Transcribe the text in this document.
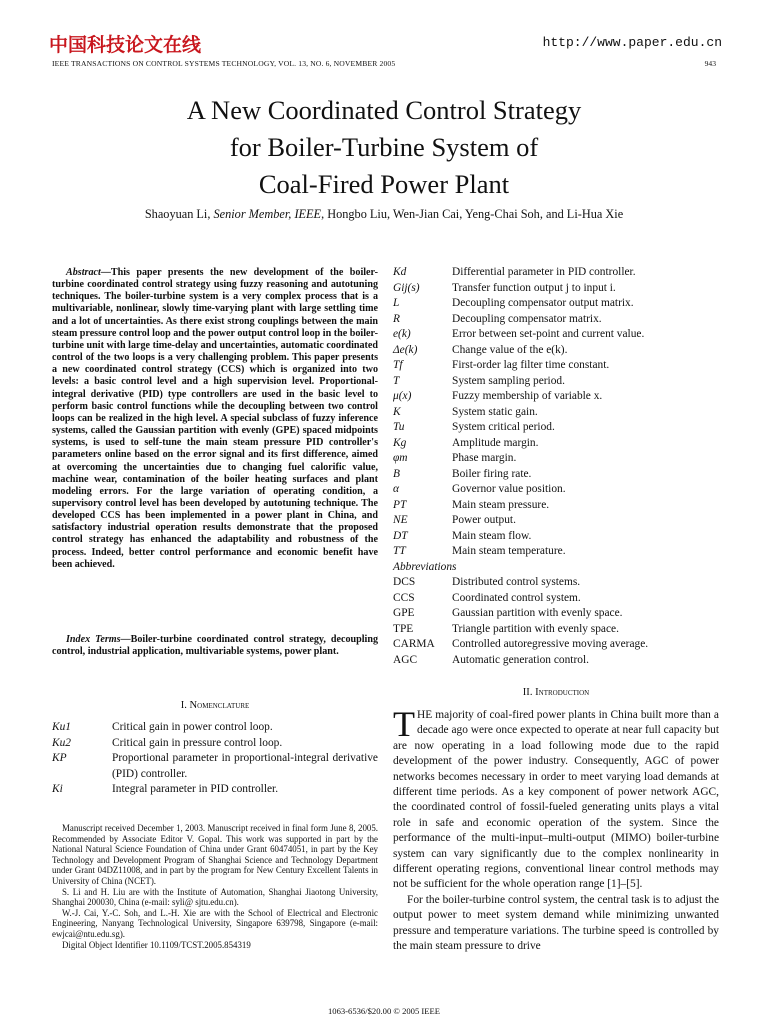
中国科技论文在线	http://www.paper.edu.cn
IEEE TRANSACTIONS ON CONTROL SYSTEMS TECHNOLOGY, VOL. 13, NO. 6, NOVEMBER 2005	943
A New Coordinated Control Strategy
for Boiler-Turbine System of
Coal-Fired Power Plant
Shaoyuan Li, Senior Member, IEEE, Hongbo Liu, Wen-Jian Cai, Yeng-Chai Soh, and Li-Hua Xie
Abstract—This paper presents the new development of the boiler-turbine coordinated control strategy using fuzzy reasoning and autotuning techniques. The boiler-turbine system is a very complex process that is a multivariable, nonlinear, slowly time-varying plant with large settling time and a lot of uncertainties. As there exist strong couplings between the main steam pressure control loop and the power output control loop in the boiler-turbine unit with large time-delay and uncertainties, automatic coordinated control of the two loops is a very challenging problem. This paper presents a new coordinated control strategy (CCS) which is organized into two levels: a basic control level and a high supervision level. Proportional-integral derivative (PID) type controllers are used in the basic level to perform basic control functions while the decoupling between two control loops can be realized in the high level. A special subclass of fuzzy inference systems, called the Gaussian partition with evenly (GPE) spaced midpoints systems, is used to self-tune the main steam pressure PID controller's parameters online based on the error signal and its first difference, aimed at overcoming the uncertainties due to changing fuel calorific value, machine wear, contamination of the boiler heating surfaces and plant modeling errors. For the large variation of operating condition, a supervisory control level has been developed by autotuning technique. The developed CCS has been implemented in a power plant in China, and satisfactory industrial operation results demonstrate that the proposed control strategy has enhanced the adaptability and robustness of the process. Indeed, better control performance and economic benefit have been achieved.
Index Terms—Boiler-turbine coordinated control strategy, decoupling control, industrial application, multivariable systems, power plant.
I. Nomenclature
Ku1	Critical gain in power control loop.
Ku2	Critical gain in pressure control loop.
KP	Proportional parameter in proportional-integral derivative (PID) controller.
Ki	Integral parameter in PID controller.

Manuscript received December 1, 2003. Manuscript received in final form June 8, 2005. Recommended by Associate Editor V. Gopal. This work was supported in part by the National Natural Science Foundation of China under Grant 60474051, in part by the Key Technology and Development Program of Shanghai Science and Technology Department under Grant 04DZ11008, and in part by the program for New Century Excellent Talents in University of China (NCET).

S. Li and H. Liu are with the Institute of Automation, Shanghai Jiaotong University, Shanghai 200030, China (e-mail: syli@ sjtu.edu.cn).

W.-J. Cai, Y.-C. Soh, and L.-H. Xie are with the School of Electrical and Electronic Engineering, Nanyang Technological University, Singapore 639798, Singapore (e-mail: ewjcai@ntu.edu.sg).

Digital Object Identifier 10.1109/TCST.2005.854319

Kd	Differential parameter in PID controller.
Gij(s)	Transfer function output j to input i.
L	Decoupling compensator output matrix.
R	Decoupling compensator matrix.
e(k)	Error between set-point and current value.
Δe(k)	Change value of the e(k).
Tf	First-order lag filter time constant.
T	System sampling period.
μ(x)	Fuzzy membership of variable x.
K	System static gain.
Tu	System critical period.
Kg	Amplitude margin.
φm	Phase margin.
B	Boiler firing rate.
α	Governor value position.
PT	Main steam pressure.
NE	Power output.
DT	Main steam flow.
TT	Main steam temperature.
Abbreviations
DCS	Distributed control systems.
CCS	Coordinated control system.
GPE	Gaussian partition with evenly space.
TPE	Triangle partition with evenly space.
CARMA	Controlled autoregressive moving average.
AGC	Automatic generation control.
II. Introduction

THE majority of coal-fired power plants in China built more than a decade ago were once expected to operate at near full capacity but are now operating in a load following mode due to the rapid development of the power industry. Consequently, AGC of power networks becomes necessary in order to meet varying load demands at different time periods. As a key component of power network AGC, the coordinated control of fossil-fueled generating units plays a vital role in safe and economic operation of the system. Since the performance of the multi-input–multi-output (MIMO) boiler-turbine system can vary significantly due to the complex nonlinearity in different operating regions, conventional linear control methods may not be sufficient for the whole operation range [1]–[5].

For the boiler-turbine control system, the central task is to adjust the output power to meet system demand while minimizing unwanted pressure and temperature variations. The turbine speed is controlled by the main steam pressure to drive

1063-6536/$20.00 © 2005 IEEE
